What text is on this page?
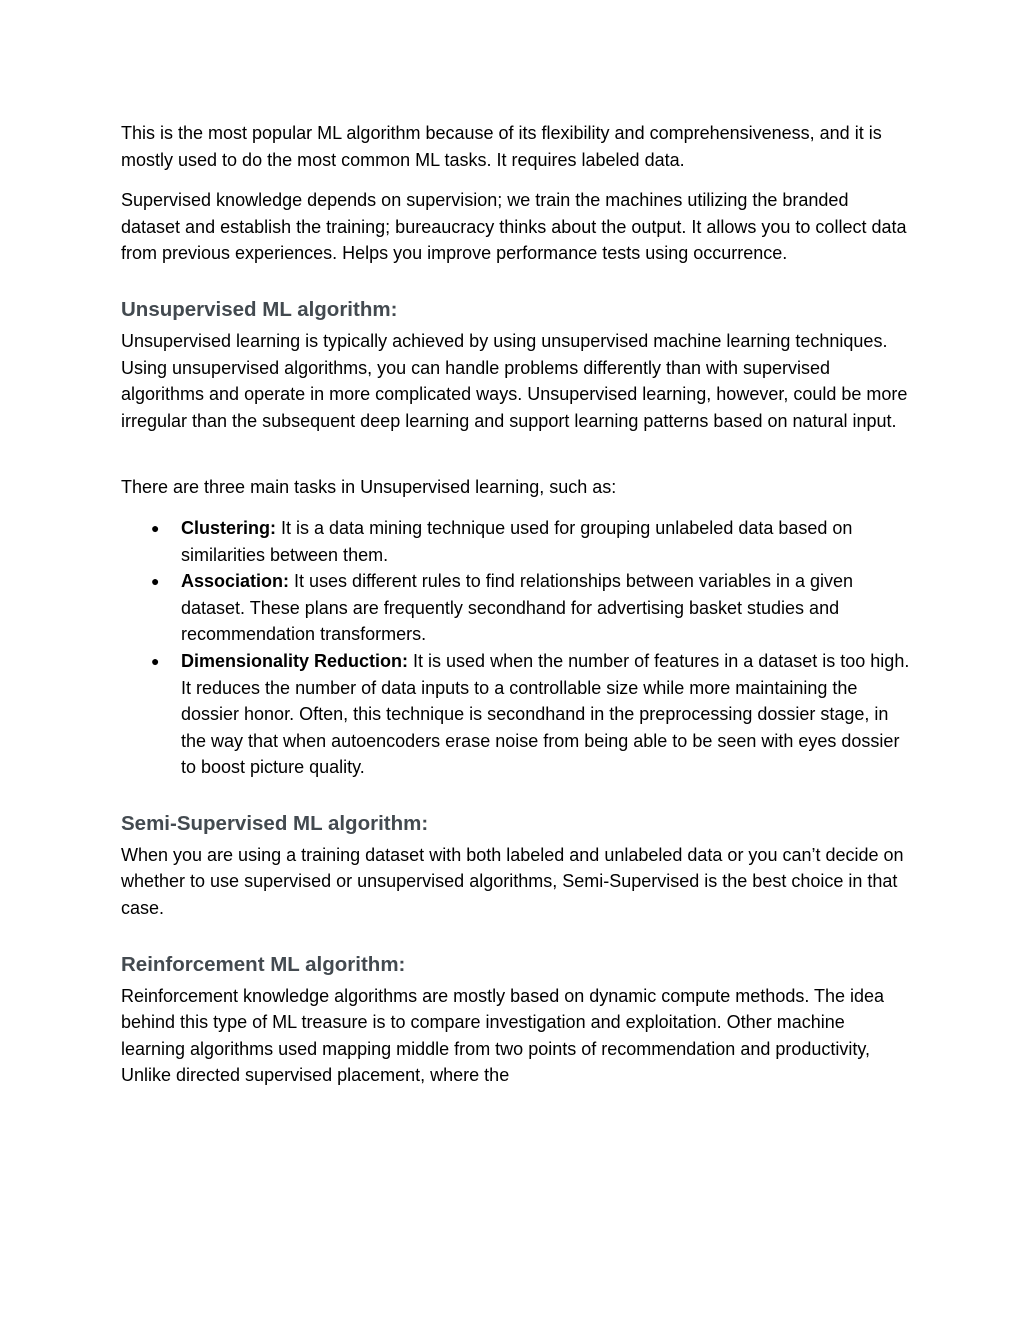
This is the most popular ML algorithm because of its flexibility and comprehensiveness, and it is mostly used to do the most common ML tasks. It requires labeled data.

Supervised knowledge depends on supervision; we train the machines utilizing the branded dataset and establish the training; bureaucracy thinks about the output. It allows you to collect data from previous experiences. Helps you improve performance tests using occurrence.

Unsupervised ML algorithm:

Unsupervised learning is typically achieved by using unsupervised machine learning techniques. Using unsupervised algorithms, you can handle problems differently than with supervised algorithms and operate in more complicated ways. Unsupervised learning, however, could be more irregular than the subsequent deep learning and support learning patterns based on natural input.

There are three main tasks in Unsupervised learning, such as:

● Clustering: It is a data mining technique used for grouping unlabeled data based on similarities between them.
● Association: It uses different rules to find relationships between variables in a given dataset. These plans are frequently secondhand for advertising basket studies and recommendation transformers.
● Dimensionality Reduction: It is used when the number of features in a dataset is too high. It reduces the number of data inputs to a controllable size while more maintaining the dossier honor. Often, this technique is secondhand in the preprocessing dossier stage, in the way that when autoencoders erase noise from being able to be seen with eyes dossier to boost picture quality.
Semi-Supervised ML algorithm:

When you are using a training dataset with both labeled and unlabeled data or you can’t decide on whether to use supervised or unsupervised algorithms, Semi-Supervised is the best choice in that case.

Reinforcement ML algorithm:

Reinforcement knowledge algorithms are mostly based on dynamic compute methods. The idea behind this type of ML treasure is to compare investigation and exploitation. Other machine learning algorithms used mapping middle from two points of recommendation and productivity, Unlike directed supervised placement, where the
